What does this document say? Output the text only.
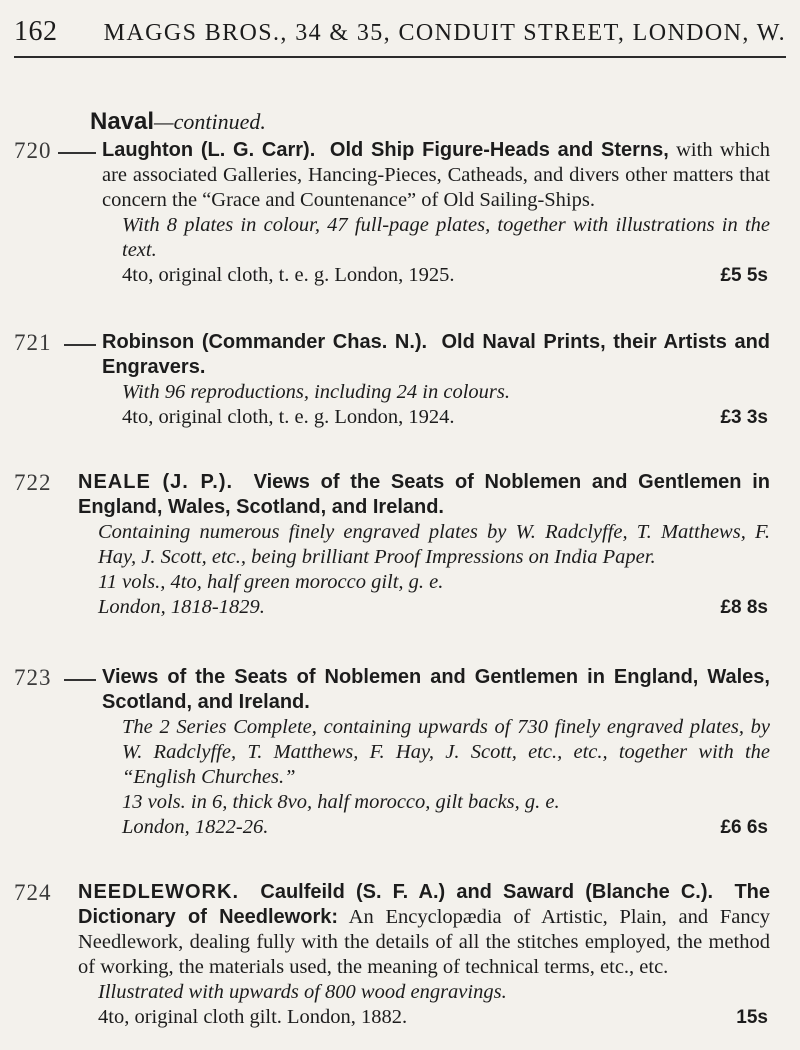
162	MAGGS BROS., 34 & 35, CONDUIT STREET, LONDON, W.
Naval—continued.
720	Laughton (L. G. Carr). Old Ship Figure-Heads and Sterns, with which are associated Galleries, Hancing-Pieces, Catheads, and divers other matters that concern the “Grace and Countenance” of Old Sailing-Ships.
With 8 plates in colour, 47 full-page plates, together with illustrations in the text.
4to, original cloth, t. e. g. London, 1925.	£5 5s
721	Robinson (Commander Chas. N.). Old Naval Prints, their Artists and Engravers.
With 96 reproductions, including 24 in colours.
4to, original cloth, t. e. g. London, 1924.	£3 3s
722 NEALE (J. P.). Views of the Seats of Noblemen and Gentlemen in England, Wales, Scotland, and Ireland.
Containing numerous finely engraved plates by W. Radclyffe, T. Matthews, F. Hay, J. Scott, etc., being brilliant Proof Impressions on India Paper.
11 vols., 4to, half green morocco gilt, g. e.
London, 1818-1829.	£8 8s
723	Views of the Seats of Noblemen and Gentlemen in England, Wales, Scotland, and Ireland.
The 2 Series Complete, containing upwards of 730 finely engraved plates, by W. Radclyffe, T. Matthews, F. Hay, J. Scott, etc., etc., together with the “English Churches.”
13 vols. in 6, thick 8vo, half morocco, gilt backs, g. e.
London, 1822-26.	£6 6s
724 NEEDLEWORK. Caulfeild (S. F. A.) and Saward (Blanche C.). The Dictionary of Needlework: An Encyclopædia of Artistic, Plain, and Fancy Needlework, dealing fully with the details of all the stitches employed, the method of working, the materials used, the meaning of technical terms, etc., etc.
Illustrated with upwards of 800 wood engravings.
4to, original cloth gilt. London, 1882.	15s
